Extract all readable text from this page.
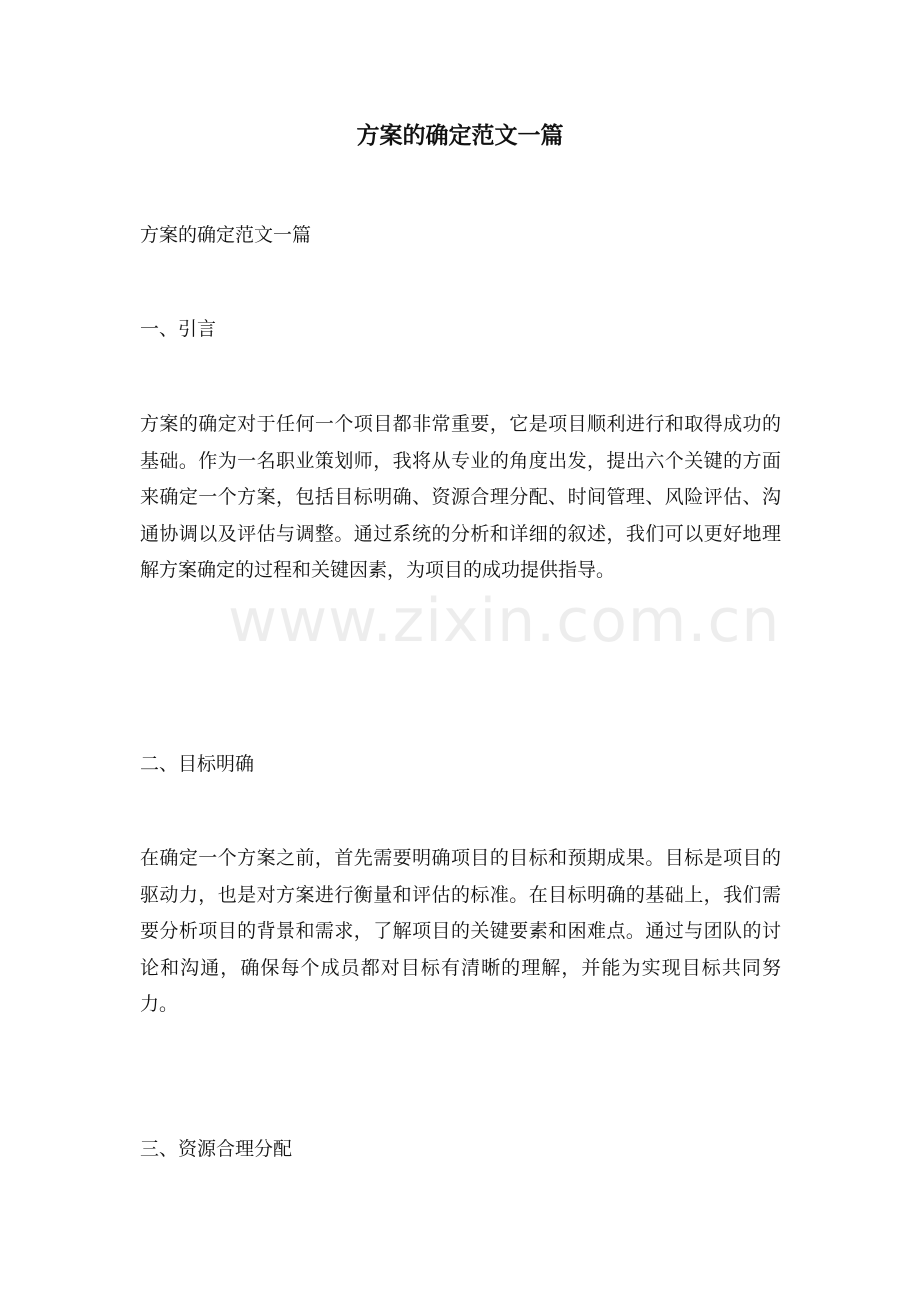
方案的确定范文一篇

方案的确定范文一篇

一、引言

方案的确定对于任何一个项目都非常重要，它是项目顺利进行和取得成功的基础。作为一名职业策划师，我将从专业的角度出发，提出六个关键的方面来确定一个方案，包括目标明确、资源合理分配、时间管理、风险评估、沟通协调以及评估与调整。通过系统的分析和详细的叙述，我们可以更好地理解方案确定的过程和关键因素，为项目的成功提供指导。

二、目标明确

在确定一个方案之前，首先需要明确项目的目标和预期成果。目标是项目的驱动力，也是对方案进行衡量和评估的标准。在目标明确的基础上，我们需要分析项目的背景和需求，了解项目的关键要素和困难点。通过与团队的讨论和沟通，确保每个成员都对目标有清晰的理解，并能为实现目标共同努力。

三、资源合理分配

www.zixin.com.cn
